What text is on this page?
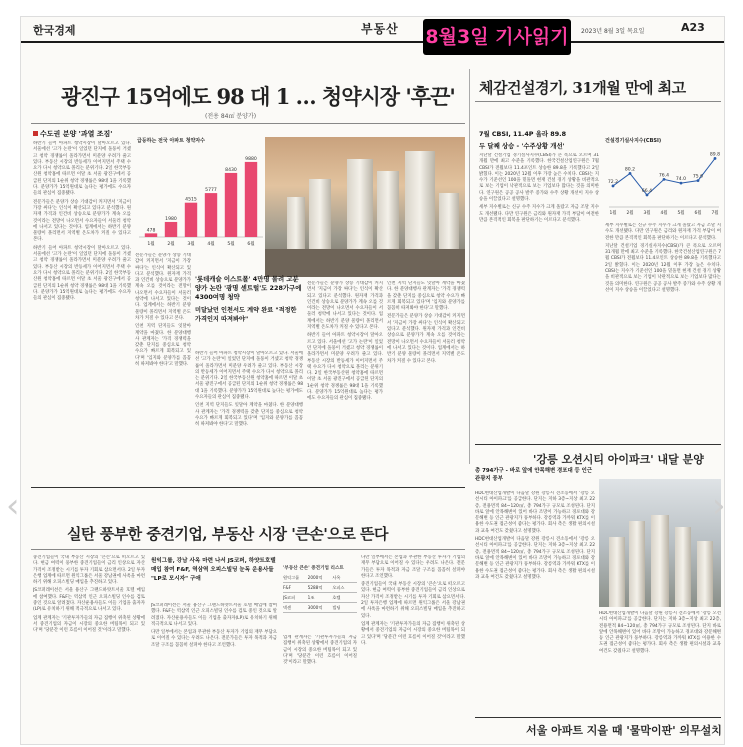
한국경제	부동산	2023년 8월 3일 목요일	A23
8월3일 기사읽기
광진구 15억에도 98 대 1 … 청약시장 '후끈'
(전용 84㎡ 분양가)
수도권 분양 '과열 조짐'

하반기 들어 아파트 청약시장이 달아오르고 있다. 서울에선 '고가 논란'이 일었던 단지에 돌풍이 거셌고 청약 경쟁률이 올라가면서 미분양 우려가 줄고 있다. 부동산 시장의 반등세가 이어지면서 주택 수요가 다시 청약으로 몰리는 분위기다. 2일 한국부동산원 청약홈에 따르면 이달 초 서울 광진구에서 공급된 단지의 1순위 청약 경쟁률은 98대 1을 기록했다. 분양가가 15억원대로 높다는 평가에도 수요자들의 관심이 집중됐다.

전문가들은 분양가 상승 기대감이 커지면서 '지금이 가장 싸다'는 인식이 확산되고 있다고 분석했다. 원자재 가격과 인건비 상승으로 분양가가 계속 오를 것이라는 전망이 나오면서 수요자들이 서둘러 청약에 나서고 있다는 것이다. 업계에서는 하반기 분양 물량이 몰리면서 지역별 온도차가 커질 수 있다고 본다.

하반기 들어 아파트 청약시장이 달아오르고 있다. 서울에선 '고가 논란'이 일었던 단지에 돌풍이 거셌고 청약 경쟁률이 올라가면서 미분양 우려가 줄고 있다. 부동산 시장의 반등세가 이어지면서 주택 수요가 다시 청약으로 몰리는 분위기다. 2일 한국부동산원 청약홈에 따르면 이달 초 서울 광진구에서 공급된 단지의 1순위 청약 경쟁률은 98대 1을 기록했다. 분양가가 15억원대로 높다는 평가에도 수요자들의 관심이 집중됐다.

급등하는 전국 아파트 청약자수
478
1월
1980
2월
4515
3월
5777
4월
8430
5월
9880
6월
'롯데캐슬 이스트폴' 4만명 몰려 고분양가 논란 '광명 센트럴'도 228가구에 4300여명 청약
미달났던 인천서도 계약 완료 "적정한 가격인지 따져봐야"

전문가들은 분양가 상승 기대감이 커지면서 '지금이 가장 싸다'는 인식이 확산되고 있다고 분석했다. 원자재 가격과 인건비 상승으로 분양가가 계속 오를 것이라는 전망이 나오면서 수요자들이 서둘러 청약에 나서고 있다는 것이다. 업계에서는 하반기 분양 물량이 몰리면서 지역별 온도차가 커질 수 있다고 본다.

인천 지역 단지들도 잇달아 계약을 마쳤다. 한 분양대행사 관계자는 '가격 경쟁력을 갖춘 단지를 중심으로 청약 수요가 빠르게 회복되고 있다'며 '입지와 분양가를 꼼꼼히 따져봐야 한다'고 말했다.

하반기 들어 아파트 청약시장이 달아오르고 있다. 서울에선 '고가 논란'이 일었던 단지에 돌풍이 거셌고 청약 경쟁률이 올라가면서 미분양 우려가 줄고 있다. 부동산 시장의 반등세가 이어지면서 주택 수요가 다시 청약으로 몰리는 분위기다. 2일 한국부동산원 청약홈에 따르면 이달 초 서울 광진구에서 공급된 단지의 1순위 청약 경쟁률은 98대 1을 기록했다. 분양가가 15억원대로 높다는 평가에도 수요자들의 관심이 집중됐다.

인천 지역 단지들도 잇달아 계약을 마쳤다. 한 분양대행사 관계자는 '가격 경쟁력을 갖춘 단지를 중심으로 청약 수요가 빠르게 회복되고 있다'며 '입지와 분양가를 꼼꼼히 따져봐야 한다'고 말했다.

전문가들은 분양가 상승 기대감이 커지면서 '지금이 가장 싸다'는 인식이 확산되고 있다고 분석했다. 원자재 가격과 인건비 상승으로 분양가가 계속 오를 것이라는 전망이 나오면서 수요자들이 서둘러 청약에 나서고 있다는 것이다. 업계에서는 하반기 분양 물량이 몰리면서 지역별 온도차가 커질 수 있다고 본다.

하반기 들어 아파트 청약시장이 달아오르고 있다. 서울에선 '고가 논란'이 일었던 단지에 돌풍이 거셌고 청약 경쟁률이 올라가면서 미분양 우려가 줄고 있다. 부동산 시장의 반등세가 이어지면서 주택 수요가 다시 청약으로 몰리는 분위기다. 2일 한국부동산원 청약홈에 따르면 이달 초 서울 광진구에서 공급된 단지의 1순위 청약 경쟁률은 98대 1을 기록했다. 분양가가 15억원대로 높다는 평가에도 수요자들의 관심이 집중됐다.

인천 지역 단지들도 잇달아 계약을 마쳤다. 한 분양대행사 관계자는 '가격 경쟁력을 갖춘 단지를 중심으로 청약 수요가 빠르게 회복되고 있다'며 '입지와 분양가를 꼼꼼히 따져봐야 한다'고 말했다.

전문가들은 분양가 상승 기대감이 커지면서 '지금이 가장 싸다'는 인식이 확산되고 있다고 분석했다. 원자재 가격과 인건비 상승으로 분양가가 계속 오를 것이라는 전망이 나오면서 수요자들이 서둘러 청약에 나서고 있다는 것이다. 업계에서는 하반기 분양 물량이 몰리면서 지역별 온도차가 커질 수 있다고 본다.

체감건설경기, 31개월 만에 최고
7월 CBSI, 11.4P 올라 89.8
두 달째 상승 - '수주상황 개선'
건설경기실사지수(CBSI)
72.2
1월
80.2
2월
66.4
3월
76.4
4월
74.0
5월
75.6
6월
89.8
7월

지난달 건설기업 경기실사지수(CBSI)가 큰 폭으로 오르며 31개월 만에 최고 수준을 기록했다. 한국건설산업연구원은 7월 CBSI가 전월보다 11.4포인트 상승한 89.8을 기록했다고 2일 밝혔다. 이는 2020년 12월 이후 가장 높은 수치다. CBSI는 지수가 기준선인 100을 밑돌면 현재 건설 경기 상황을 비관적으로 보는 기업이 낙관적으로 보는 기업보다 많다는 것을 의미한다. 연구원은 공공 공사 발주 증가와 수주 상황 개선이 지수 상승을 이끌었다고 설명했다.

세부 지수별로는 신규 수주 지수가 크게 올랐고 자금 조달 지수도 개선됐다. 다만 연구원은 금리와 원자재 가격 부담이 여전한 만큼 본격적인 회복을 판단하기는 이르다고 분석했다.

세부 지수별로는 신규 수주 지수가 크게 올랐고 자금 조달 지수도 개선됐다. 다만 연구원은 금리와 원자재 가격 부담이 여전한 만큼 본격적인 회복을 판단하기는 이르다고 분석했다.

지난달 건설기업 경기실사지수(CBSI)가 큰 폭으로 오르며 31개월 만에 최고 수준을 기록했다. 한국건설산업연구원은 7월 CBSI가 전월보다 11.4포인트 상승한 89.8을 기록했다고 2일 밝혔다. 이는 2020년 12월 이후 가장 높은 수치다. CBSI는 지수가 기준선인 100을 밑돌면 현재 건설 경기 상황을 비관적으로 보는 기업이 낙관적으로 보는 기업보다 많다는 것을 의미한다. 연구원은 공공 공사 발주 증가와 수주 상황 개선이 지수 상승을 이끌었다고 설명했다.

'강릉 오션시티 아이파크' 내달 분양
총 794가구 - 바로 앞에 안목해변 경포대 등 인근 관광지 풍부

HDC현대산업개발이 다음달 강원 강릉시 견소동에서 '강릉 오션시티 아이파크'를 공급한다. 단지는 지하 3층~지상 최고 22층, 전용면적 84~120㎡, 총 794가구 규모로 조성된다. 단지 바로 앞에 안목해변이 있어 바다 조망이 가능하고 경포대와 강문해변 등 인근 관광지가 풍부하다. 강릉역과 가까워 KTX를 이용한 수도권 접근성이 좋다는 평가다. 회사 측은 생활 편의시설과 교육 여건도 갖췄다고 설명했다.

HDC현대산업개발이 다음달 강원 강릉시 견소동에서 '강릉 오션시티 아이파크'를 공급한다. 단지는 지하 3층~지상 최고 22층, 전용면적 84~120㎡, 총 794가구 규모로 조성된다. 단지 바로 앞에 안목해변이 있어 바다 조망이 가능하고 경포대와 강문해변 등 인근 관광지가 풍부하다. 강릉역과 가까워 KTX를 이용한 수도권 접근성이 좋다는 평가다. 회사 측은 생활 편의시설과 교육 여건도 갖췄다고 설명했다.

HDC현대산업개발이 다음달 강원 강릉시 견소동에서 '강릉 오션시티 아이파크'를 공급한다. 단지는 지하 3층~지상 최고 22층, 전용면적 84~120㎡, 총 794가구 규모로 조성된다. 단지 바로 앞에 안목해변이 있어 바다 조망이 가능하고 경포대와 강문해변 등 인근 관광지가 풍부하다. 강릉역과 가까워 KTX를 이용한 수도권 접근성이 좋다는 평가다. 회사 측은 생활 편의시설과 교육 여건도 갖췄다고 설명했다.

서울 아파트 지을 때 '물막이판' 의무설치
실탄 풍부한 중견기업, 부동산 시장 '큰손'으로 뜬다

중견기업들이 국내 부동산 시장의 '큰손'으로 떠오르고 있다. 현금 여력이 풍부한 중견기업들이 금리 인상으로 자산 가격이 조정받는 시기를 투자 기회로 삼으면서다. 2일 투자은행 업계에 따르면 원익그룹은 서울 강남권에 사옥을 마련하기 위해 오피스빌딩 매입을 추진하고 있다.

JS코퍼레이션은 서울 용산구 그랜드하얏트서울 호텔 매입에 참여했다. F&F는 역삼역 인근 오피스빌딩 인수를 검토 중인 것으로 알려졌다. 자산운용사들도 이들 기업을 출자자(LP)로 유치하기 위해 적극적으로 나서고 있다.

업계 관계자는 '기관투자가들의 자금 집행이 위축된 상황에서 중견기업의 자금이 시장의 중요한 버팀목이 되고 있다'며 '당분간 이런 흐름이 이어질 것'이라고 말했다.

원익그룹, 강남 사옥 마련 나서 JS코퍼, 하얏트호텔 매입 참여 F&F, 역삼역 오피스빌딩 눈독 운용사들 "LP로 모시자" 구애

JS코퍼레이션은 서울 용산구 그랜드하얏트서울 호텔 매입에 참여했다. F&F는 역삼역 인근 오피스빌딩 인수를 검토 중인 것으로 알려졌다. 자산운용사들도 이들 기업을 출자자(LP)로 유치하기 위해 적극적으로 나서고 있다.

다만 일부에서는 본업과 무관한 부동산 투자가 기업의 재무 부담으로 이어질 수 있다는 우려도 나온다. 전문가들은 투자 목적과 자금 조달 구조를 꼼꼼히 살펴야 한다고 조언했다.

'부동산 큰손' 중견기업 리스트
원익그룹	2000억	사옥
F&F	5288억	오피스
JS코퍼	1조	호텔
넥센	3000억	빌딩

업계 관계자는 '기관투자가들의 자금 집행이 위축된 상황에서 중견기업의 자금이 시장의 중요한 버팀목이 되고 있다'며 '당분간 이런 흐름이 이어질 것'이라고 말했다.

다만 일부에서는 본업과 무관한 부동산 투자가 기업의 재무 부담으로 이어질 수 있다는 우려도 나온다. 전문가들은 투자 목적과 자금 조달 구조를 꼼꼼히 살펴야 한다고 조언했다.

중견기업들이 국내 부동산 시장의 '큰손'으로 떠오르고 있다. 현금 여력이 풍부한 중견기업들이 금리 인상으로 자산 가격이 조정받는 시기를 투자 기회로 삼으면서다. 2일 투자은행 업계에 따르면 원익그룹은 서울 강남권에 사옥을 마련하기 위해 오피스빌딩 매입을 추진하고 있다.

업계 관계자는 '기관투자가들의 자금 집행이 위축된 상황에서 중견기업의 자금이 시장의 중요한 버팀목이 되고 있다'며 '당분간 이런 흐름이 이어질 것'이라고 말했다.

‹	›
